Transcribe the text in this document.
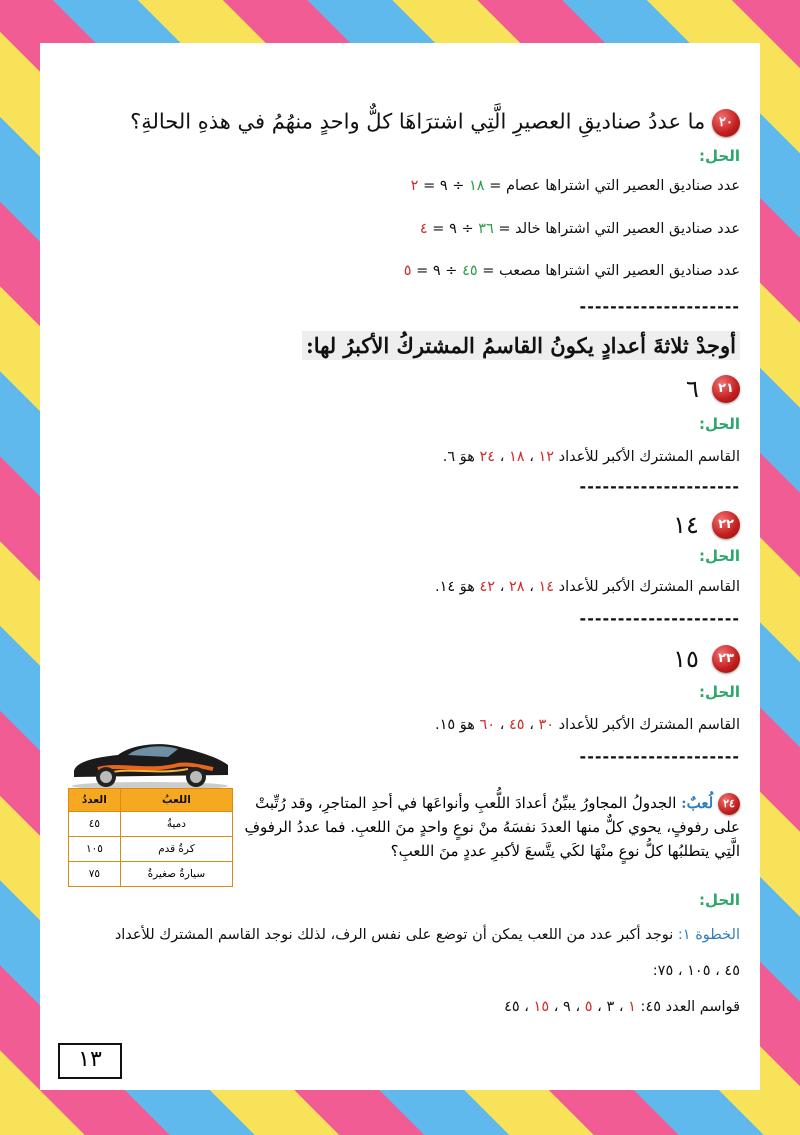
٢٠ ما عددُ صناديقِ العصيرِ الَّتِي اشترَاهَا كلٌّ واحدٍ منهُمُ في هذهِ الحالةِ؟
الحل:
عدد صناديق العصير التي اشتراها عصام = ١٨ ÷ ٩ = ٢
عدد صناديق العصير التي اشتراها خالد = ٣٦ ÷ ٩ = ٤
عدد صناديق العصير التي اشتراها مصعب = ٤٥ ÷ ٩ = ٥
---------------------
أوجدْ ثلاثةَ أعدادٍ يكونُ القاسمُ المشتركُ الأكبرُ لها:
٢١ ٦
الحل:
القاسم المشترك الأكبر للأعداد ١٢ ، ١٨ ، ٢٤ هوَ ٦.
---------------------
٢٢ ١٤
الحل:
القاسم المشترك الأكبر للأعداد ١٤ ، ٢٨ ، ٤٢ هوَ ١٤.
---------------------
٢٣ ١٥
الحل:
القاسم المشترك الأكبر للأعداد ٣٠ ، ٤٥ ، ٦٠ هوَ ١٥.
---------------------
اللعبُ	العددُ
دميةُ	٤٥
كرةُ قدم	١٠٥
سيارةُ صغيرةُ	٧٥
٢٤ لُعبٌ: الجدولُ المجاورُ يبيِّنُ أعدادَ اللُّعبِ وأنواعَها في أحدِ المتاجرِ، وقد رُتِّبتْ على رفوفٍ، يحوي كلٌّ منها العددَ نفسَهُ منْ نوعٍ واحدٍ منَ اللعبِ. فما عددُ الرفوفِ الَّتِي يتطلبُها كلُّ نوعٍ منْهَا لكَي يتَّسعَ لأكبرِ عددٍ منَ اللعبِ؟
الحل:
الخطوة ١: نوجد أكبر عدد من اللعب يمكن أن توضع على نفس الرف، لذلك نوجد القاسم المشترك للأعداد
٤٥ ، ١٠٥ ، ٧٥:
قواسم العدد ٤٥: ١ ، ٣ ، ٥ ، ٩ ، ١٥ ، ٤٥
١٣
